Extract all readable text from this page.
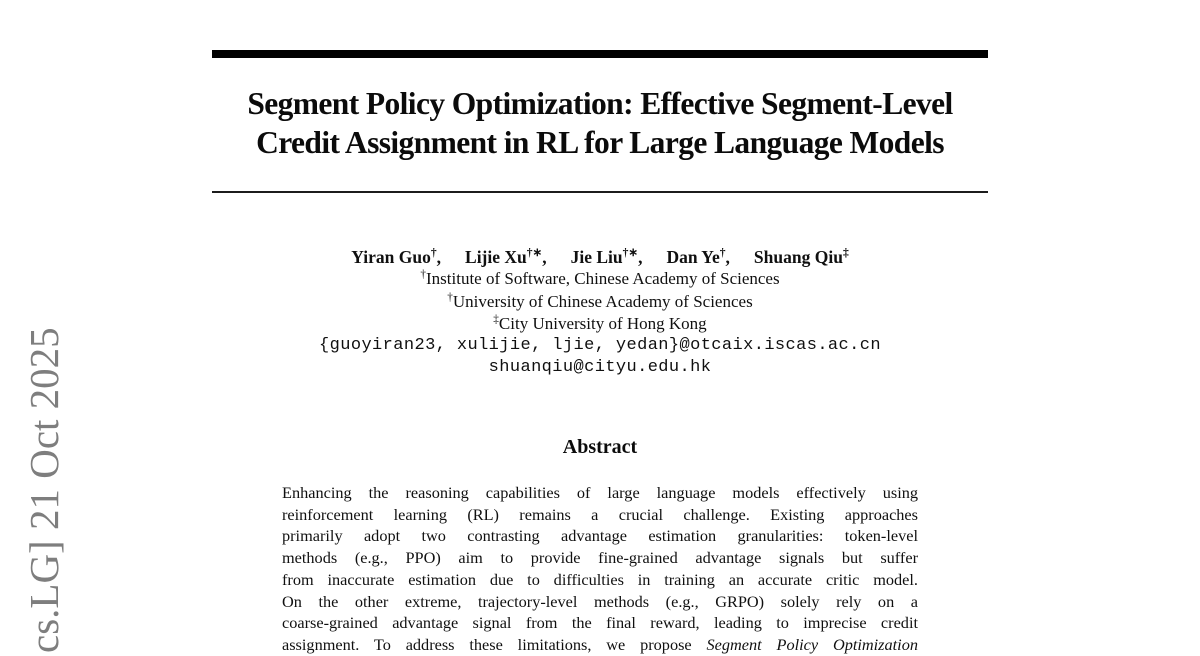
cs.LG] 21 Oct 2025
Segment Policy Optimization: Effective Segment-Level
Credit Assignment in RL for Large Language Models
Yiran Guo†, Lijie Xu†∗, Jie Liu†∗, Dan Ye†, Shuang Qiu‡
†Institute of Software, Chinese Academy of Sciences
†University of Chinese Academy of Sciences
‡City University of Hong Kong
{guoyiran23, xulijie, ljie, yedan}@otcaix.iscas.ac.cn
shuanqiu@cityu.edu.hk
Abstract
Enhancing the reasoning capabilities of large language models effectively using
reinforcement learning (RL) remains a crucial challenge. Existing approaches
primarily adopt two contrasting advantage estimation granularities: token-level
methods (e.g., PPO) aim to provide fine-grained advantage signals but suffer
from inaccurate estimation due to difficulties in training an accurate critic model.
On the other extreme, trajectory-level methods (e.g., GRPO) solely rely on a
coarse-grained advantage signal from the final reward, leading to imprecise credit
assignment. To address these limitations, we propose Segment Policy Optimization
